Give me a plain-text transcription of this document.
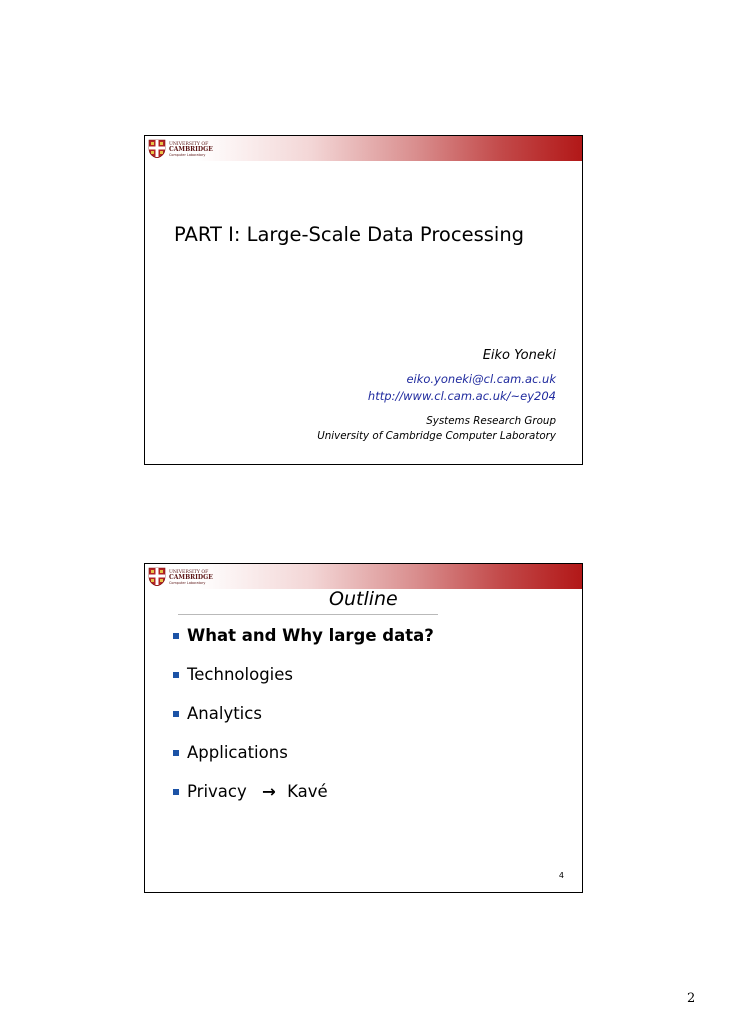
UNIVERSITY OF
CAMBRIDGE
Computer Laboratory
PART I: Large-Scale Data Processing
Eiko Yoneki
eiko.yoneki@cl.cam.ac.uk
http://www.cl.cam.ac.uk/~ey204
Systems Research Group
University of Cambridge Computer Laboratory
UNIVERSITY OF
CAMBRIDGE
Computer Laboratory
Outline
What and Why large data?
Technologies
Analytics
Applications
Privacy → Kavé
4
2
